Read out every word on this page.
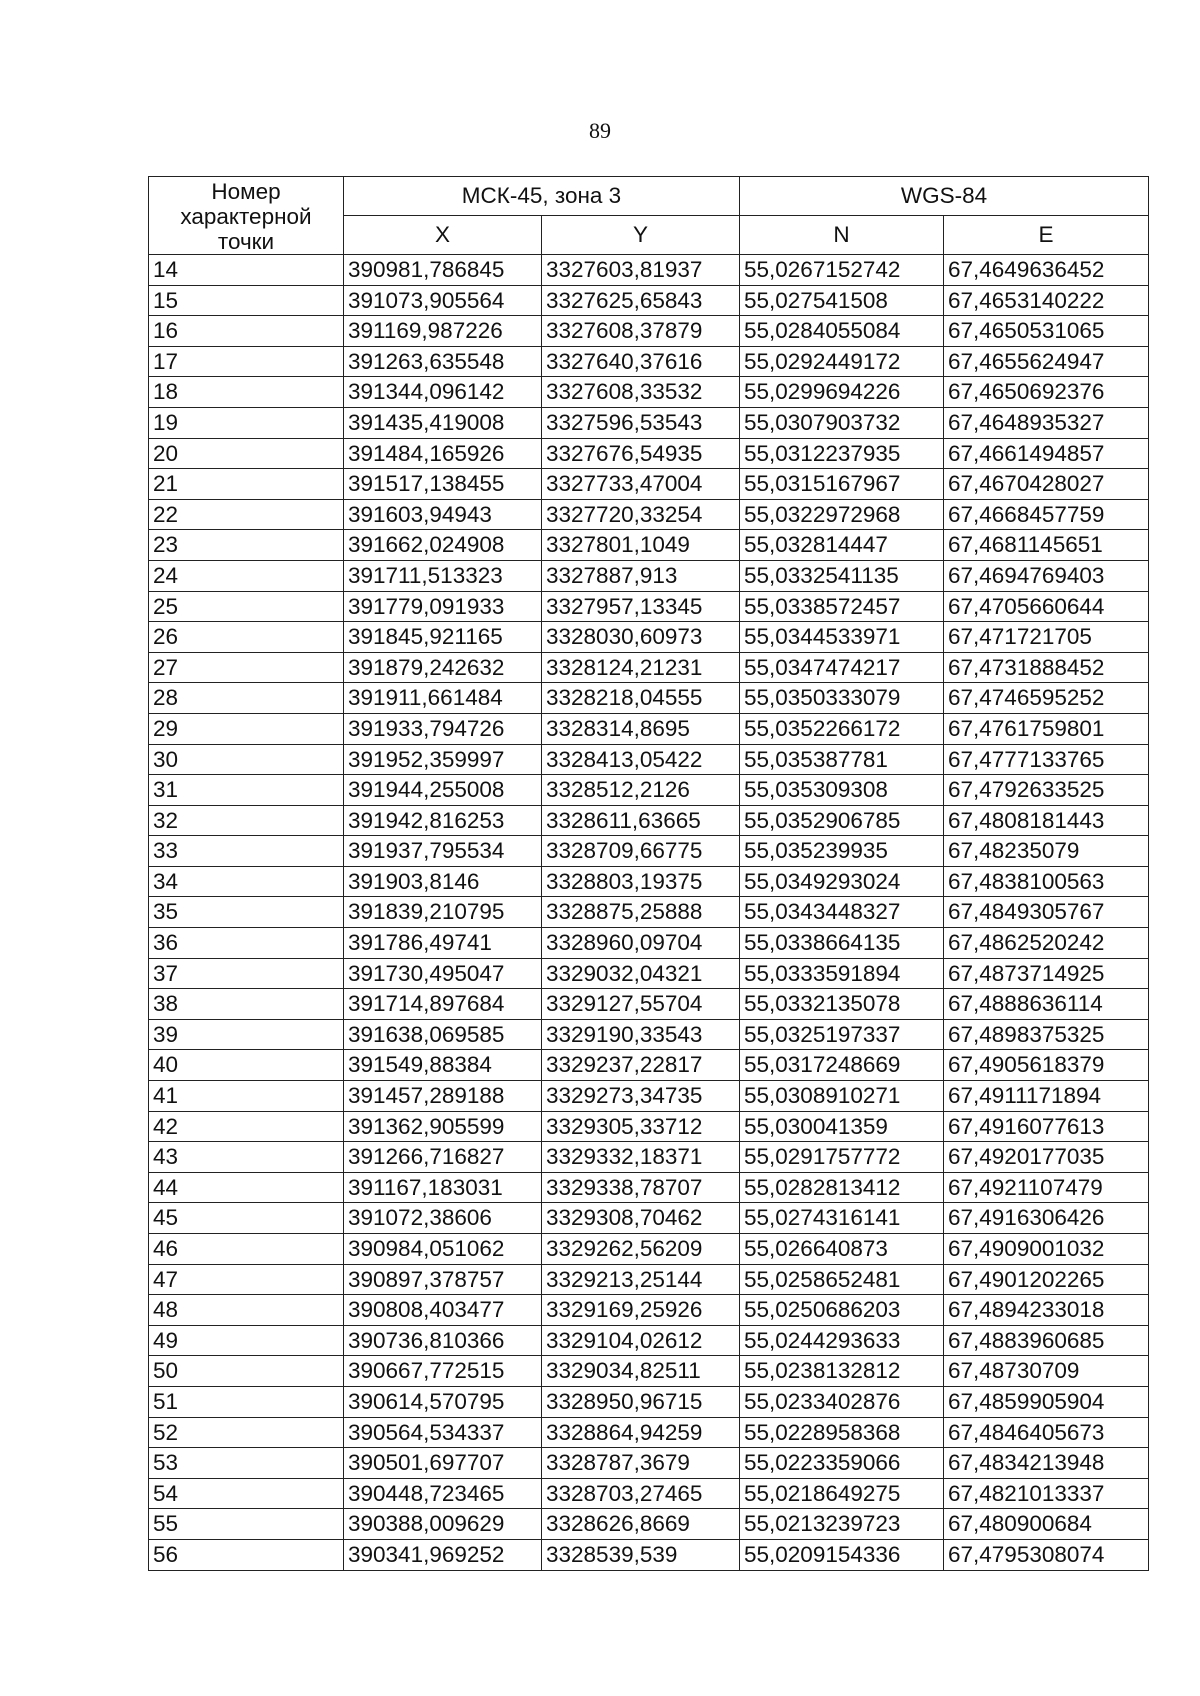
89
Номер характерной точки	МСК-45, зона 3		WGS-84	
	X	Y	N	E
14	390981,786845	3327603,81937	55,0267152742	67,4649636452
15	391073,905564	3327625,65843	55,027541508	67,4653140222
16	391169,987226	3327608,37879	55,0284055084	67,4650531065
17	391263,635548	3327640,37616	55,0292449172	67,4655624947
18	391344,096142	3327608,33532	55,0299694226	67,4650692376
19	391435,419008	3327596,53543	55,0307903732	67,4648935327
20	391484,165926	3327676,54935	55,0312237935	67,4661494857
21	391517,138455	3327733,47004	55,0315167967	67,4670428027
22	391603,94943	3327720,33254	55,0322972968	67,4668457759
23	391662,024908	3327801,1049	55,032814447	67,4681145651
24	391711,513323	3327887,913	55,0332541135	67,4694769403
25	391779,091933	3327957,13345	55,0338572457	67,4705660644
26	391845,921165	3328030,60973	55,0344533971	67,471721705
27	391879,242632	3328124,21231	55,0347474217	67,4731888452
28	391911,661484	3328218,04555	55,0350333079	67,4746595252
29	391933,794726	3328314,8695	55,0352266172	67,4761759801
30	391952,359997	3328413,05422	55,035387781	67,4777133765
31	391944,255008	3328512,2126	55,035309308	67,4792633525
32	391942,816253	3328611,63665	55,0352906785	67,4808181443
33	391937,795534	3328709,66775	55,035239935	67,48235079
34	391903,8146	3328803,19375	55,0349293024	67,4838100563
35	391839,210795	3328875,25888	55,0343448327	67,4849305767
36	391786,49741	3328960,09704	55,0338664135	67,4862520242
37	391730,495047	3329032,04321	55,0333591894	67,4873714925
38	391714,897684	3329127,55704	55,0332135078	67,4888636114
39	391638,069585	3329190,33543	55,0325197337	67,4898375325
40	391549,88384	3329237,22817	55,0317248669	67,4905618379
41	391457,289188	3329273,34735	55,0308910271	67,4911171894
42	391362,905599	3329305,33712	55,030041359	67,4916077613
43	391266,716827	3329332,18371	55,0291757772	67,4920177035
44	391167,183031	3329338,78707	55,0282813412	67,4921107479
45	391072,38606	3329308,70462	55,0274316141	67,4916306426
46	390984,051062	3329262,56209	55,026640873	67,4909001032
47	390897,378757	3329213,25144	55,0258652481	67,4901202265
48	390808,403477	3329169,25926	55,0250686203	67,4894233018
49	390736,810366	3329104,02612	55,0244293633	67,4883960685
50	390667,772515	3329034,82511	55,0238132812	67,48730709
51	390614,570795	3328950,96715	55,0233402876	67,4859905904
52	390564,534337	3328864,94259	55,0228958368	67,4846405673
53	390501,697707	3328787,3679	55,0223359066	67,4834213948
54	390448,723465	3328703,27465	55,0218649275	67,4821013337
55	390388,009629	3328626,8669	55,0213239723	67,480900684
56	390341,969252	3328539,539	55,0209154336	67,4795308074
